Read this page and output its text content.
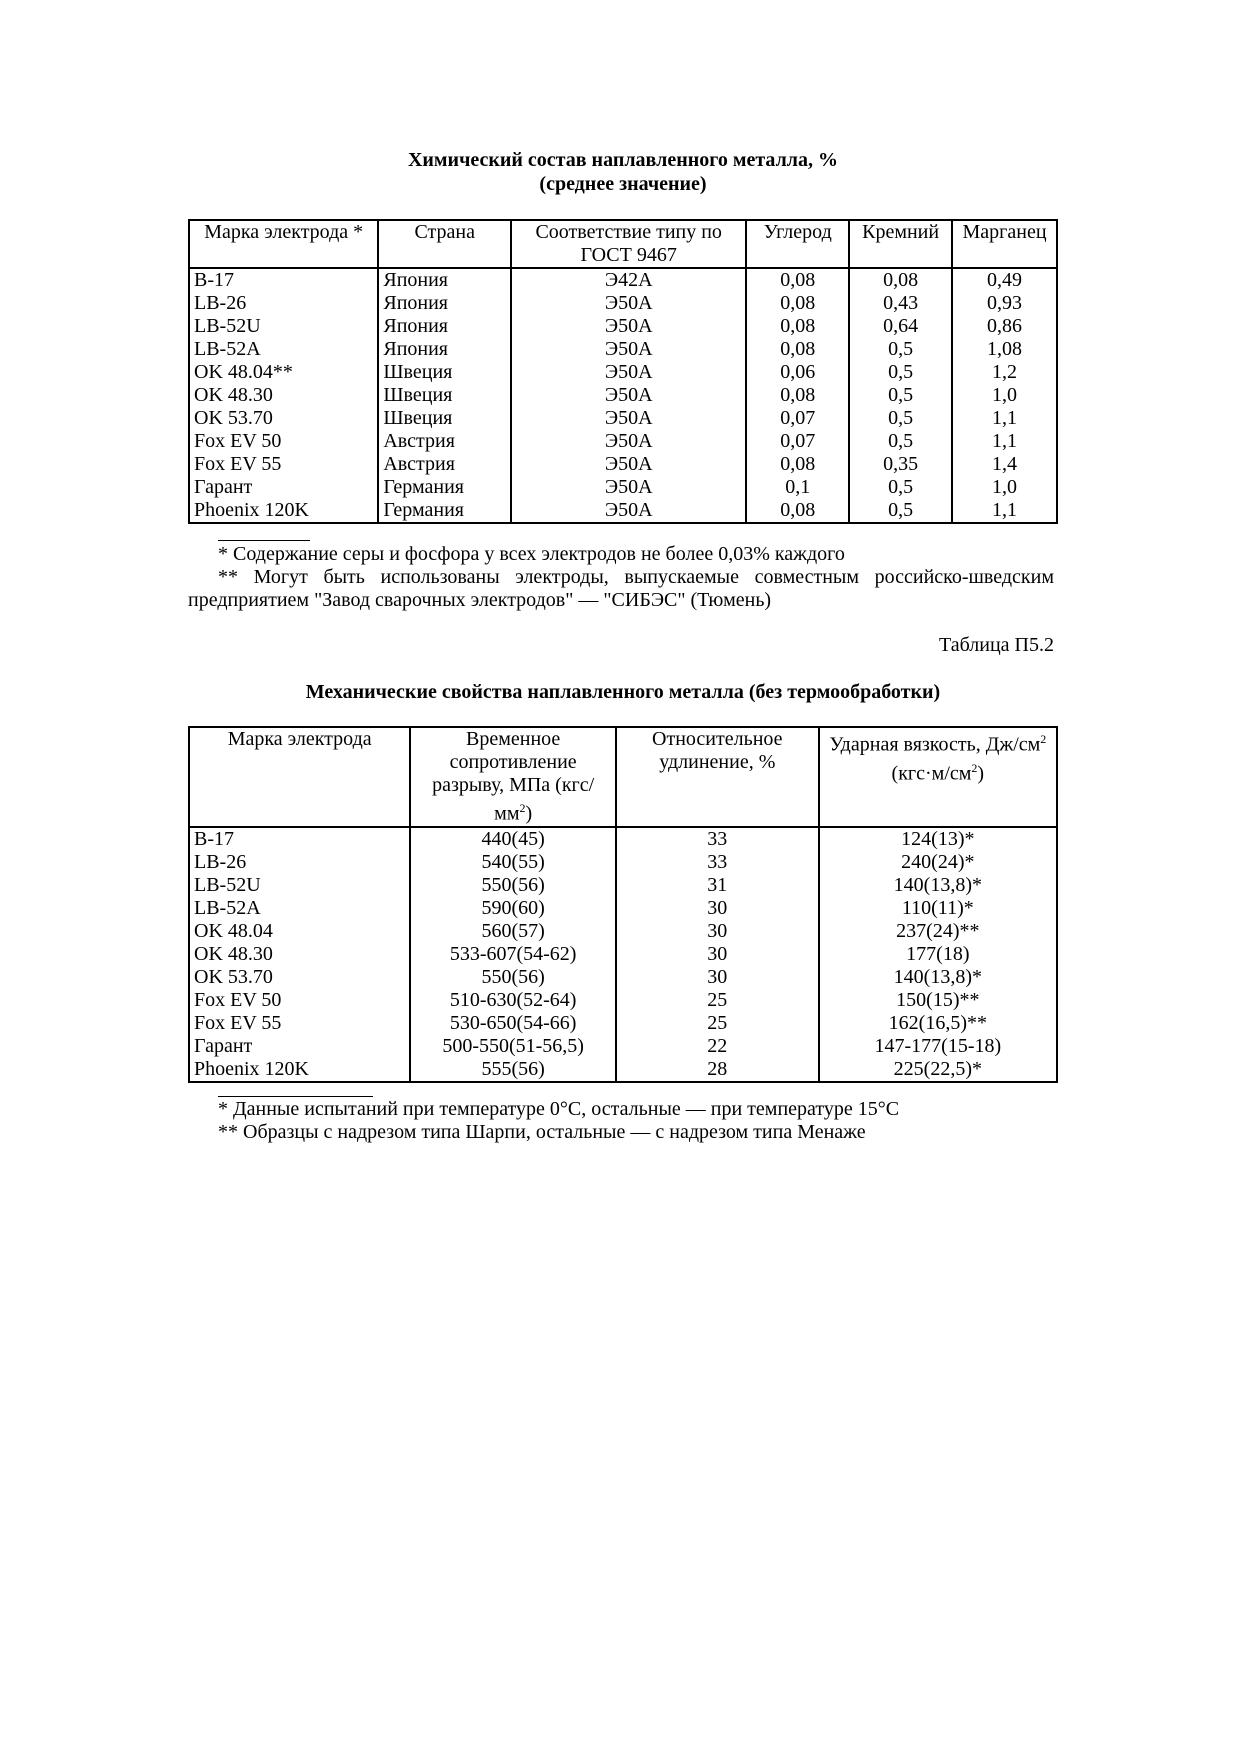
Химический состав наплавленного металла, %
(среднее значение)
Марка электрода *	Страна	Соответствие типу по ГОСТ 9467	Углерод	Кремний	Марганец
B-17	Япония	Э42А	0,08	0,08	0,49
LB-26	Япония	Э50А	0,08	0,43	0,93
LB-52U	Япония	Э50А	0,08	0,64	0,86
LB-52A	Япония	Э50А	0,08	0,5	1,08
OK 48.04**	Швеция	Э50А	0,06	0,5	1,2
OK 48.30	Швеция	Э50А	0,08	0,5	1,0
OK 53.70	Швеция	Э50А	0,07	0,5	1,1
Fox EV 50	Австрия	Э50А	0,07	0,5	1,1
Fox EV 55	Австрия	Э50А	0,08	0,35	1,4
Гарант	Германия	Э50А	0,1	0,5	1,0
Phoenix 120K	Германия	Э50А	0,08	0,5	1,1
* Содержание серы и фосфора у всех электродов не более 0,03% каждого
** Могут быть использованы электроды, выпускаемые совместным российско-шведским предприятием "Завод сварочных электродов" — "СИБЭС" (Тюмень)
Таблица П5.2
Механические свойства наплавленного металла (без термообработки)
Марка электрода	Временное сопротивление разрыву, МПа $(кгс/мм^2)$	Относительное удлинение, %	Ударная вязкость, $Дж/см^2$
$(кгс\cdot м/см^2)$
B-17	440(45)	33	124(13)*
LB-26	540(55)	33	240(24)*
LB-52U	550(56)	31	140(13,8)*
LB-52A	590(60)	30	110(11)*
OK 48.04	560(57)	30	237(24)**
OK 48.30	533-607(54-62)	30	177(18)
OK 53.70	550(56)	30	140(13,8)*
Fox EV 50	510-630(52-64)	25	150(15)**
Fox EV 55	530-650(54-66)	25	162(16,5)**
Гарант	500-550(51-56,5)	22	147-177(15-18)
Phoenix 120K	555(56)	28	225(22,5)*
* Данные испытаний при температуре 0°С, остальные — при температуре 15°С
** Образцы с надрезом типа Шарпи, остальные — с надрезом типа Менаже
